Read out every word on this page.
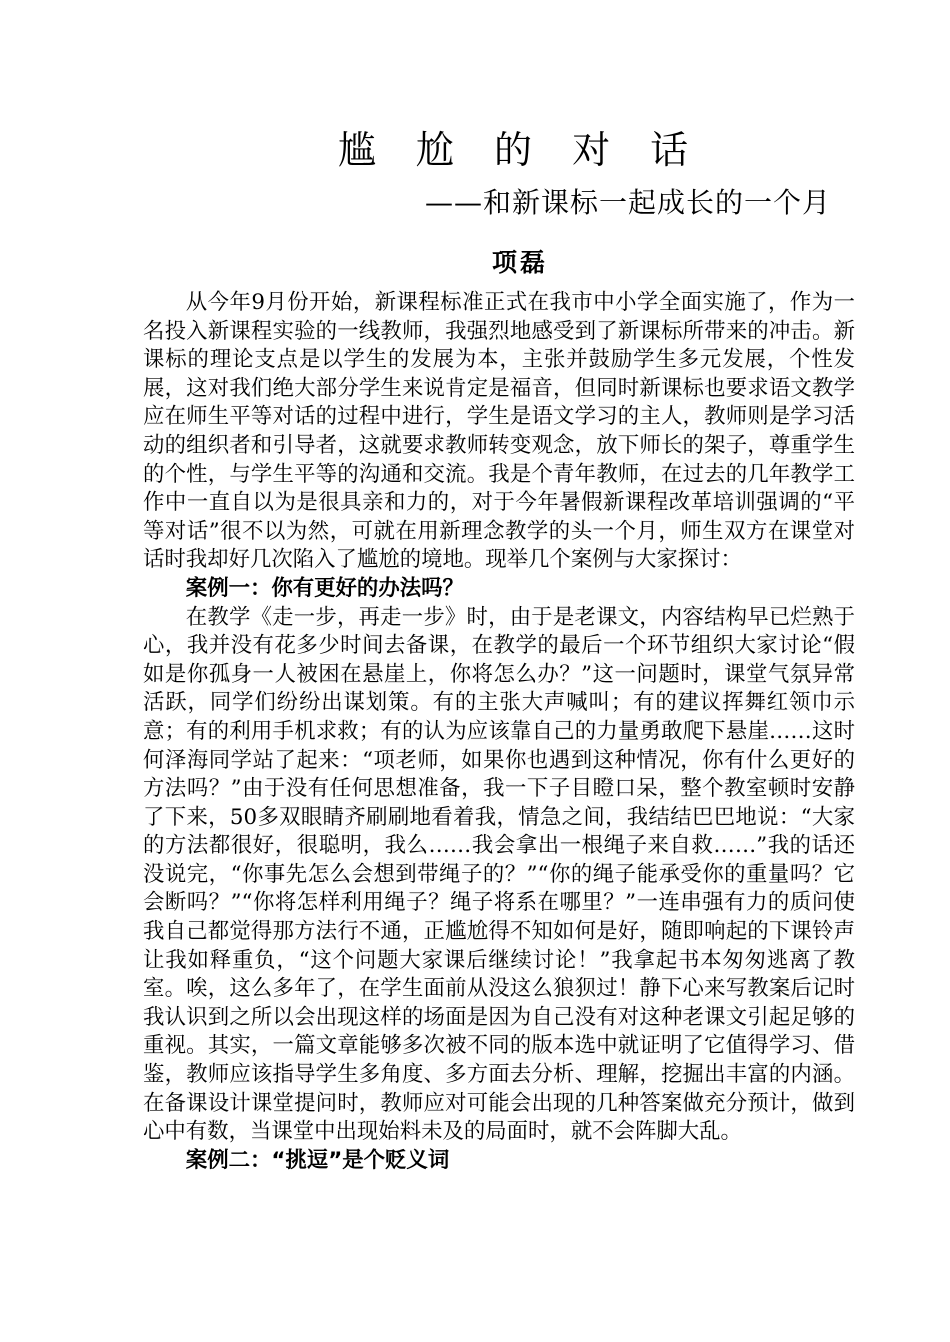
尴 尬 的 对 话
——和新课标一起成长的一个月
项磊

从今年9月份开始，新课程标准正式在我市中小学全面实施了，作为一名投入新课程实验的一线教师，我强烈地感受到了新课标所带来的冲击。新课标的理论支点是以学生的发展为本，主张并鼓励学生多元发展，个性发展，这对我们绝大部分学生来说肯定是福音，但同时新课标也要求语文教学应在师生平等对话的过程中进行，学生是语文学习的主人，教师则是学习活动的组织者和引导者，这就要求教师转变观念，放下师长的架子，尊重学生的个性，与学生平等的沟通和交流。我是个青年教师，在过去的几年教学工作中一直自以为是很具亲和力的，对于今年暑假新课程改革培训强调的“平等对话”很不以为然，可就在用新理念教学的头一个月，师生双方在课堂对话时我却好几次陷入了尴尬的境地。现举几个案例与大家探讨：

案例一：你有更好的办法吗？

在教学《走一步，再走一步》时，由于是老课文，内容结构早已烂熟于心，我并没有花多少时间去备课，在教学的最后一个环节组织大家讨论“假如是你孤身一人被困在悬崖上，你将怎么办？”这一问题时，课堂气氛异常活跃，同学们纷纷出谋划策。有的主张大声喊叫；有的建议挥舞红领巾示意；有的利用手机求救；有的认为应该靠自己的力量勇敢爬下悬崖……这时何泽海同学站了起来：“项老师，如果你也遇到这种情况，你有什么更好的方法吗？”由于没有任何思想准备，我一下子目瞪口呆，整个教室顿时安静了下来，50多双眼睛齐刷刷地看着我，情急之间，我结结巴巴地说：“大家的方法都很好，很聪明，我么……我会拿出一根绳子来自救……”我的话还没说完，“你事先怎么会想到带绳子的？”“你的绳子能承受你的重量吗？它会断吗？”“你将怎样利用绳子？绳子将系在哪里？”一连串强有力的质问使我自己都觉得那方法行不通，正尴尬得不知如何是好，随即响起的下课铃声让我如释重负，“这个问题大家课后继续讨论！”我拿起书本匆匆逃离了教室。唉，这么多年了，在学生面前从没这么狼狈过！静下心来写教案后记时我认识到之所以会出现这样的场面是因为自己没有对这种老课文引起足够的重视。其实，一篇文章能够多次被不同的版本选中就证明了它值得学习、借鉴，教师应该指导学生多角度、多方面去分析、理解，挖掘出丰富的内涵。在备课设计课堂提问时，教师应对可能会出现的几种答案做充分预计，做到心中有数，当课堂中出现始料未及的局面时，就不会阵脚大乱。

案例二：“挑逗”是个贬义词
